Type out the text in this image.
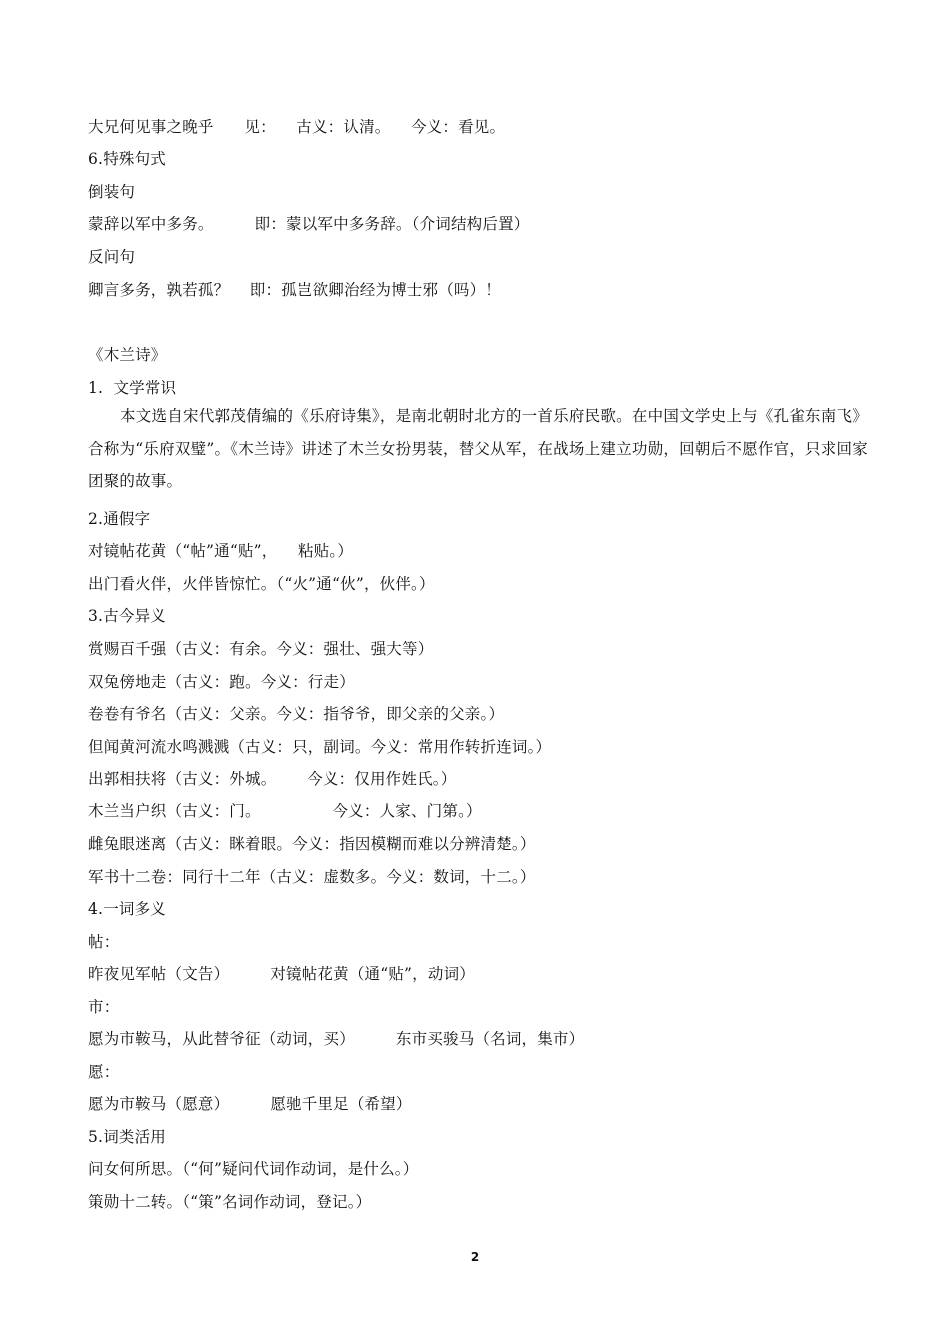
大兄何见事之晚乎      见：    古义：认清。    今义：看见。
6.特殊句式
倒装句
蒙辞以军中多务。        即：蒙以军中多务辞。（介词结构后置）
反问句
卿言多务，孰若孤？    即：孤岂欲卿治经为博士邪（吗）！
《木兰诗》
1.  文学常识
本文选自宋代郭茂倩编的《乐府诗集》，是南北朝时北方的一首乐府民歌。在中国文学史上与《孔雀东南飞》合称为“乐府双璧”。《木兰诗》讲述了木兰女扮男装，替父从军，在战场上建立功勋，回朝后不愿作官，只求回家团聚的故事。
2.通假字
对镜帖花黄（“帖”通“贴”，    粘贴。）
出门看火伴，火伴皆惊忙。（“火”通“伙”，伙伴。）
3.古今异义
赏赐百千强（古义：有余。今义：强壮、强大等）
双兔傍地走（古义：跑。今义：行走）
卷卷有爷名（古义：父亲。今义：指爷爷，即父亲的父亲。）
但闻黄河流水鸣溅溅（古义：只，副词。今义：常用作转折连词。）
出郭相扶将（古义：外城。      今义：仅用作姓氏。）
木兰当户织（古义：门。              今义：人家、门第。）
雌兔眼迷离（古义：眯着眼。今义：指因模糊而难以分辨清楚。）
军书十二卷：同行十二年（古义：虚数多。今义：数词，十二。）
4.一词多义
帖：
昨夜见军帖（文告）        对镜帖花黄（通“贴”，动词）
市：
愿为市鞍马，从此替爷征（动词，买）        东市买骏马（名词，集市）
愿：
愿为市鞍马（愿意）        愿驰千里足（希望）
5.词类活用
问女何所思。（“何”疑问代词作动词，是什么。）
策勋十二转。（“策”名词作动词，登记。）
2
